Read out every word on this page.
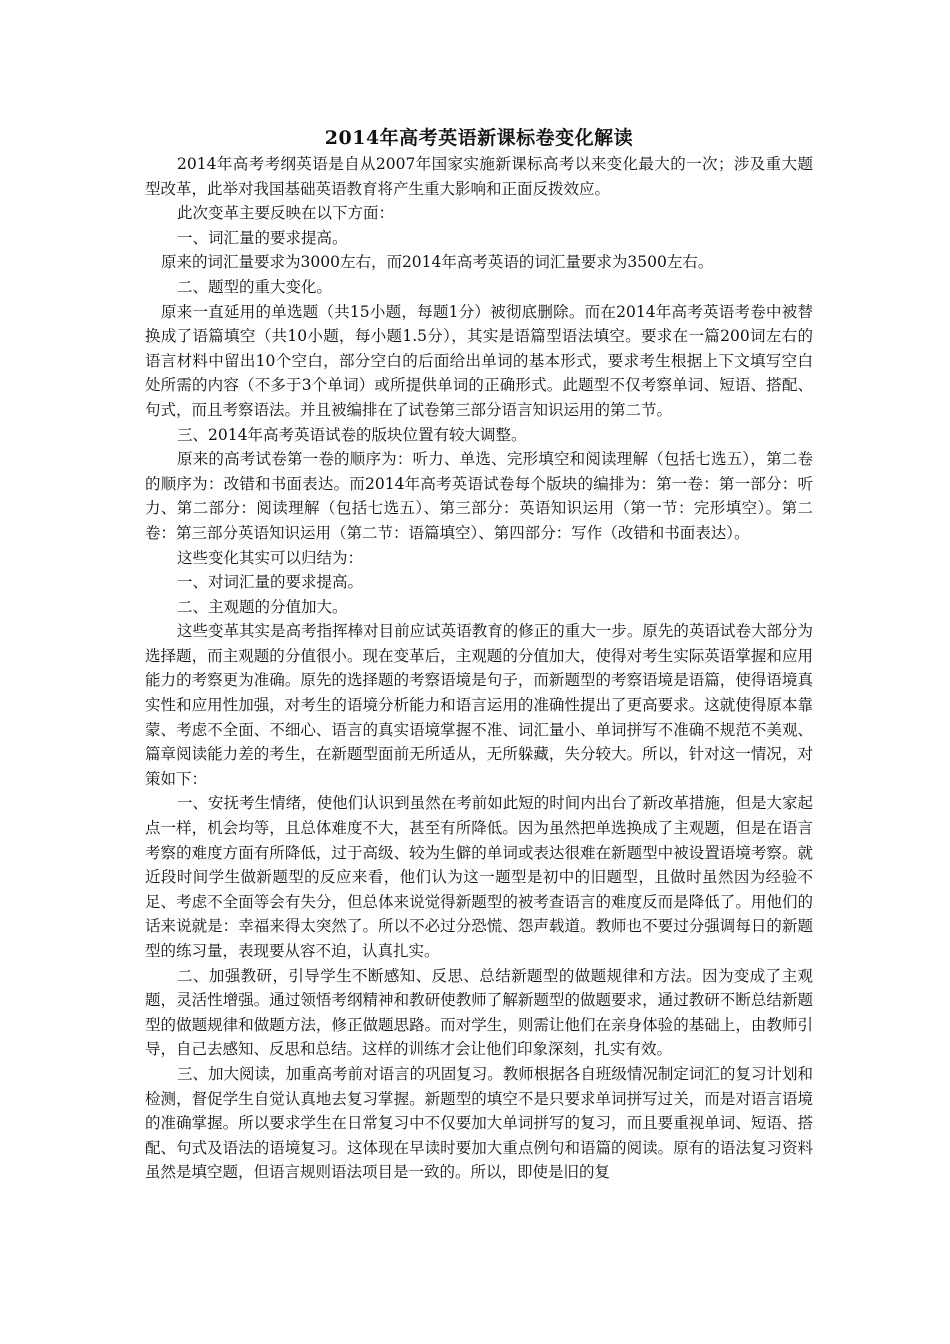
2014年高考英语新课标卷变化解读

2014年高考考纲英语是自从2007年国家实施新课标高考以来变化最大的一次；涉及重大题型改革，此举对我国基础英语教育将产生重大影响和正面反拨效应。

此次变革主要反映在以下方面：

一、词汇量的要求提高。

原来的词汇量要求为3000左右，而2014年高考英语的词汇量要求为3500左右。

二、题型的重大变化。

原来一直延用的单选题（共15小题，每题1分）被彻底删除。而在2014年高考英语考卷中被替换成了语篇填空（共10小题，每小题1.5分），其实是语篇型语法填空。要求在一篇200词左右的语言材料中留出10个空白，部分空白的后面给出单词的基本形式，要求考生根据上下文填写空白处所需的内容（不多于3个单词）或所提供单词的正确形式。此题型不仅考察单词、短语、搭配、句式，而且考察语法。并且被编排在了试卷第三部分语言知识运用的第二节。

三、2014年高考英语试卷的版块位置有较大调整。

原来的高考试卷第一卷的顺序为：听力、单选、完形填空和阅读理解（包括七选五），第二卷的顺序为：改错和书面表达。而2014年高考英语试卷每个版块的编排为：第一卷：第一部分：听力、第二部分：阅读理解（包括七选五）、第三部分：英语知识运用（第一节：完形填空）。第二卷：第三部分英语知识运用（第二节：语篇填空）、第四部分：写作（改错和书面表达）。

这些变化其实可以归结为：

一、对词汇量的要求提高。

二、主观题的分值加大。

这些变革其实是高考指挥棒对目前应试英语教育的修正的重大一步。原先的英语试卷大部分为选择题，而主观题的分值很小。现在变革后，主观题的分值加大，使得对考生实际英语掌握和应用能力的考察更为准确。原先的选择题的考察语境是句子，而新题型的考察语境是语篇，使得语境真实性和应用性加强，对考生的语境分析能力和语言运用的准确性提出了更高要求。这就使得原本靠蒙、考虑不全面、不细心、语言的真实语境掌握不准、词汇量小、单词拼写不准确不规范不美观、篇章阅读能力差的考生，在新题型面前无所适从，无所躲藏，失分较大。所以，针对这一情况，对策如下：

一、安抚考生情绪，使他们认识到虽然在考前如此短的时间内出台了新改革措施，但是大家起点一样，机会均等，且总体难度不大，甚至有所降低。因为虽然把单选换成了主观题，但是在语言考察的难度方面有所降低，过于高级、较为生僻的单词或表达很难在新题型中被设置语境考察。就近段时间学生做新题型的反应来看，他们认为这一题型是初中的旧题型，且做时虽然因为经验不足、考虑不全面等会有失分，但总体来说觉得新题型的被考查语言的难度反而是降低了。用他们的话来说就是：幸福来得太突然了。所以不必过分恐慌、怨声载道。教师也不要过分强调每日的新题型的练习量，表现要从容不迫，认真扎实。

二、加强教研，引导学生不断感知、反思、总结新题型的做题规律和方法。因为变成了主观题，灵活性增强。通过领悟考纲精神和教研使教师了解新题型的做题要求，通过教研不断总结新题型的做题规律和做题方法，修正做题思路。而对学生，则需让他们在亲身体验的基础上，由教师引导，自己去感知、反思和总结。这样的训练才会让他们印象深刻，扎实有效。

三、加大阅读，加重高考前对语言的巩固复习。教师根据各自班级情况制定词汇的复习计划和检测，督促学生自觉认真地去复习掌握。新题型的填空不是只要求单词拼写过关，而是对语言语境的准确掌握。所以要求学生在日常复习中不仅要加大单词拼写的复习，而且要重视单词、短语、搭配、句式及语法的语境复习。这体现在早读时要加大重点例句和语篇的阅读。原有的语法复习资料虽然是填空题，但语言规则语法项目是一致的。所以，即使是旧的复
